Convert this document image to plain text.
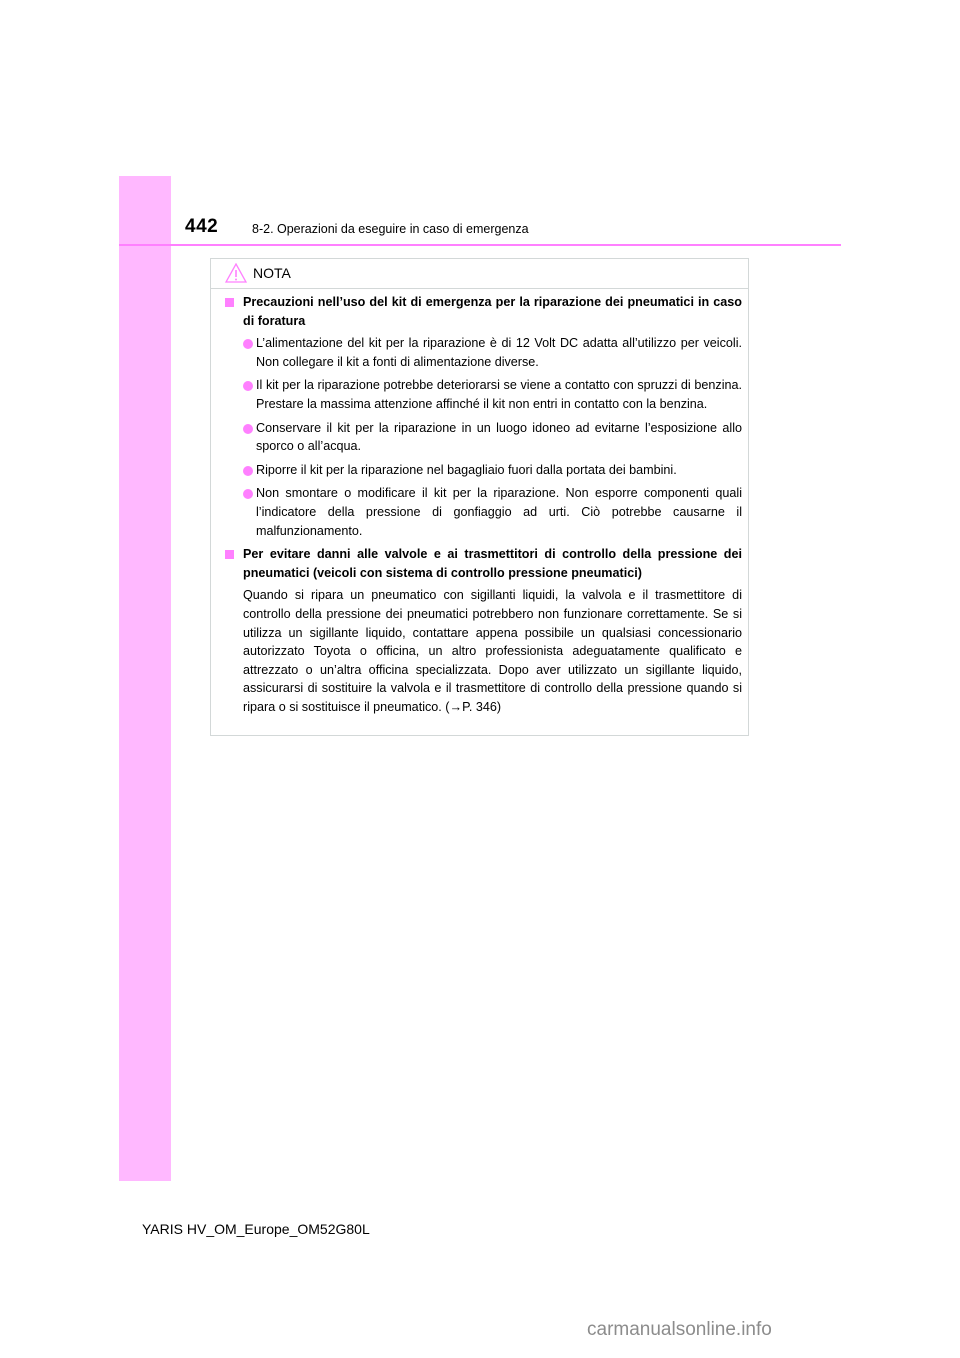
442	8-2. Operazioni da eseguire in caso di emergenza
NOTA
Precauzioni nell’uso del kit di emergenza per la riparazione dei pneumatici in caso di foratura
L’alimentazione del kit per la riparazione è di 12 Volt DC adatta all’utilizzo per veicoli. Non collegare il kit a fonti di alimentazione diverse.
Il kit per la riparazione potrebbe deteriorarsi se viene a contatto con spruzzi di benzina. Prestare la massima attenzione affinché il kit non entri in contatto con la benzina.
Conservare il kit per la riparazione in un luogo idoneo ad evitarne l’esposizione allo sporco o all’acqua.
Riporre il kit per la riparazione nel bagagliaio fuori dalla portata dei bambini.
Non smontare o modificare il kit per la riparazione. Non esporre componenti quali l’indicatore della pressione di gonfiaggio ad urti. Ciò potrebbe causarne il malfunzionamento.
Per evitare danni alle valvole e ai trasmettitori di controllo della pressione dei pneumatici (veicoli con sistema di controllo pressione pneumatici)
Quando si ripara un pneumatico con sigillanti liquidi, la valvola e il trasmettitore di controllo della pressione dei pneumatici potrebbero non funzionare correttamente. Se si utilizza un sigillante liquido, contattare appena possibile un qualsiasi concessionario autorizzato Toyota o officina, un altro professionista adeguatamente qualificato e attrezzato o un’altra officina specializzata. Dopo aver utilizzato un sigillante liquido, assicurarsi di sostituire la valvola e il trasmettitore di controllo della pressione quando si ripara o si sostituisce il pneumatico. (→P. 346)
YARIS HV_OM_Europe_OM52G80L
carmanualsonline.info
